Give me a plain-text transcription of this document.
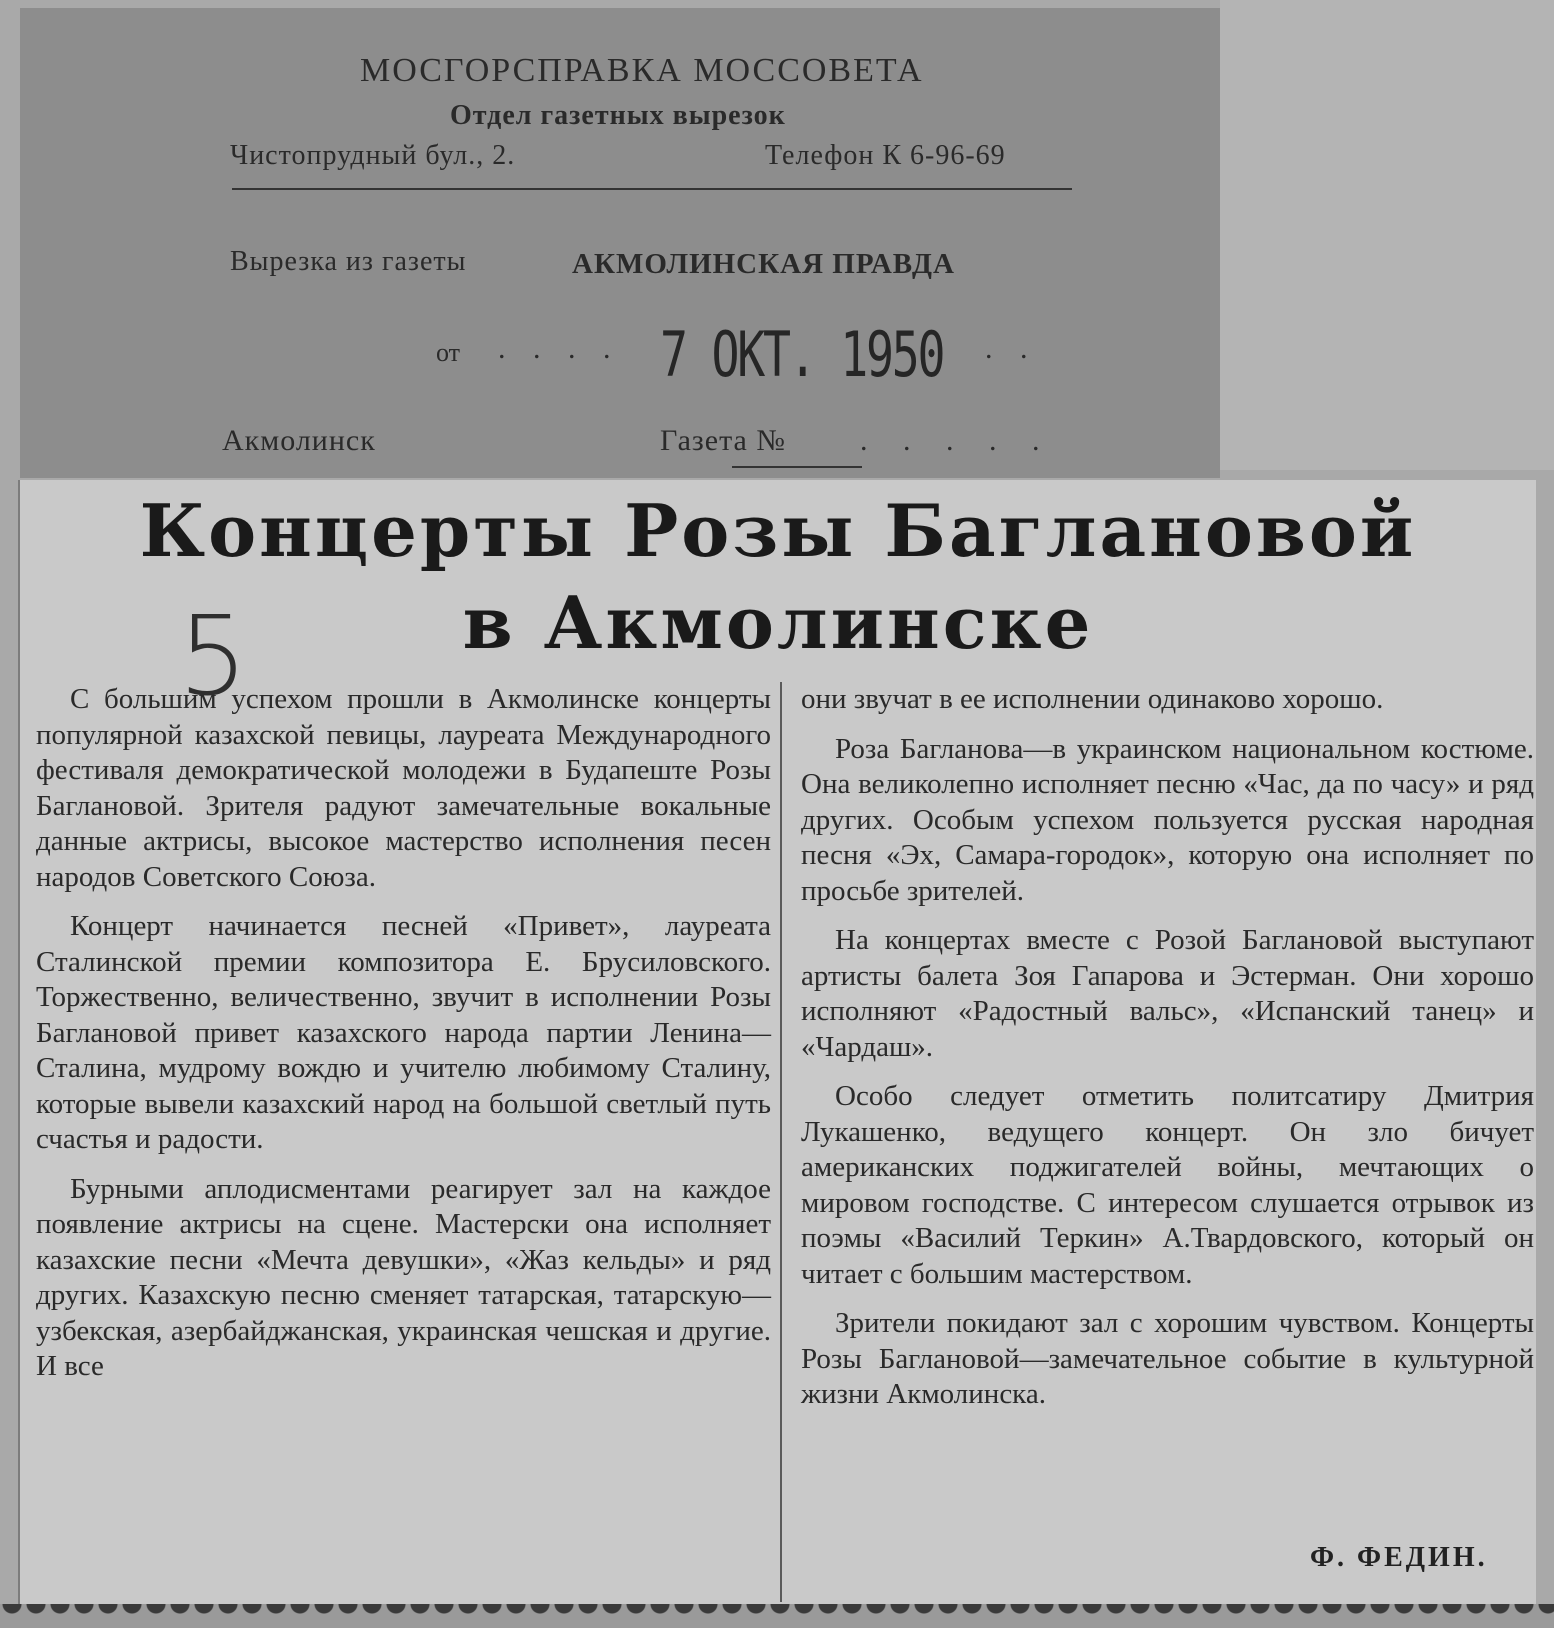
МОСГОРСПРАВКА МОССОВЕТА
Отдел газетных вырезок
Чистопрудный бул., 2.	Телефон К 6-96-69
Вырезка из газеты	АКМОЛИНСКАЯ ПРАВДА
от . . . . 7 ОКТ. 1950 . .
Акмолинск	Газета № . . . . .
Концерты Розы Баглановой
в Акмолинске
5

С большим успехом прошли в Акмолинске концерты популярной казахской певицы, лауреата Международного фестиваля демократической молодежи в Будапеште Розы Баглановой. Зрителя радуют замечательные вокальные данные актрисы, высокое мастерство исполнения песен народов Советского Союза.

Концерт начинается песней «Привет», лауреата Сталинской премии композитора Е. Брусиловского. Торжественно, величественно, звучит в исполнении Розы Баглановой привет казахского народа партии Ленина—Сталина, мудрому вождю и учителю любимому Сталину, которые вывели казахский народ на большой светлый путь счастья и радости.

Бурными аплодисментами реагирует зал на каждое появление актрисы на сцене. Мастерски она исполняет казахские песни «Мечта девушки», «Жаз кельды» и ряд других. Казахскую песню сменяет татарская, татарскую—узбекская, азербайджанская, украинская чешская и другие. И все

они звучат в ее исполнении одинаково хорошо.

Роза Багланова—в украинском национальном костюме. Она великолепно исполняет песню «Час, да по часу» и ряд других. Особым успехом пользуется русская народная песня «Эх, Самара-городок», которую она исполняет по просьбе зрителей.

На концертах вместе с Розой Баглановой выступают артисты балета Зоя Гапарова и Эстерман. Они хорошо исполняют «Радостный вальс», «Испанский танец» и «Чардаш».

Особо следует отметить политсатиру Дмитрия Лукашенко, ведущего концерт. Он зло бичует американских поджигателей войны, мечтающих о мировом господстве. С интересом слушается отрывок из поэмы «Василий Теркин» А.Твардовского, который он читает с большим мастерством.

Зрители покидают зал с хорошим чувством. Концерты Розы Баглановой—замечательное событие в культурной жизни Акмолинска.

Ф. ФЕДИН.
